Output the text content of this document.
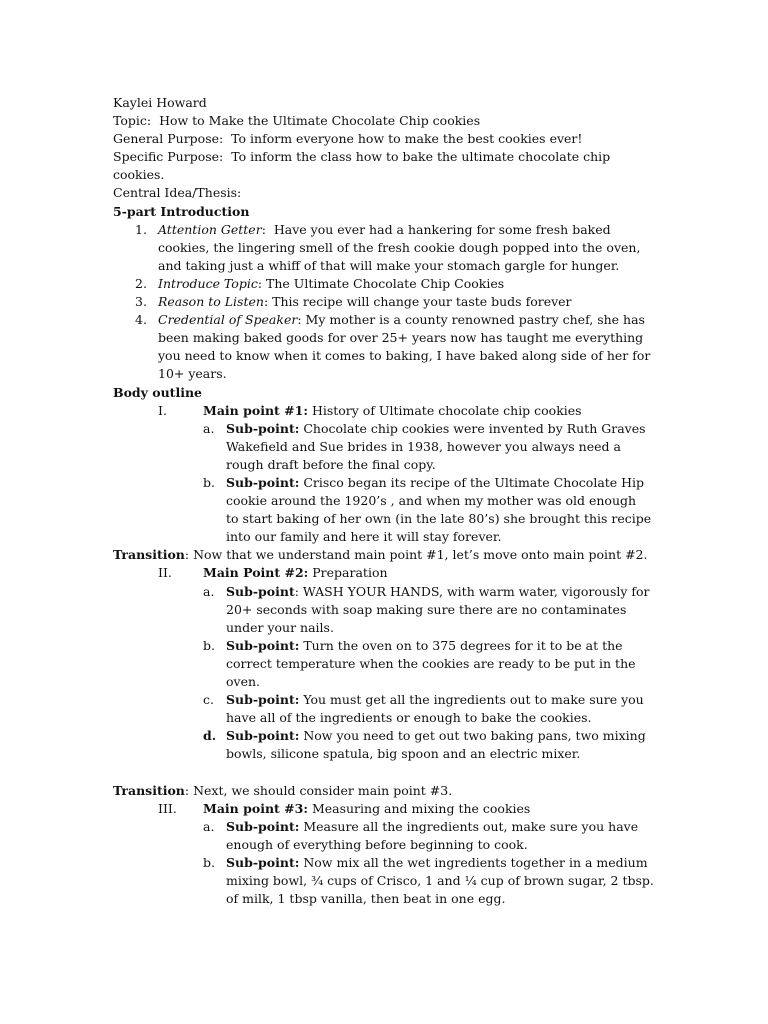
Kaylei Howard
Topic: How to Make the Ultimate Chocolate Chip cookies
General Purpose: To inform everyone how to make the best cookies ever!
Specific Purpose: To inform the class how to bake the ultimate chocolate chip
cookies.
Central Idea/Thesis:
5-part Introduction
1. Attention Getter: Have you ever had a hankering for some fresh baked
cookies, the lingering smell of the fresh cookie dough popped into the oven,
and taking just a whiff of that will make your stomach gargle for hunger.
2. Introduce Topic: The Ultimate Chocolate Chip Cookies
3. Reason to Listen: This recipe will change your taste buds forever
4. Credential of Speaker: My mother is a county renowned pastry chef, she has
been making baked goods for over 25+ years now has taught me everything
you need to know when it comes to baking, I have baked along side of her for
10+ years.
Body outline
I.	Main point #1: History of Ultimate chocolate chip cookies
a. Sub-point: Chocolate chip cookies were invented by Ruth Graves
Wakefield and Sue brides in 1938, however you always need a
rough draft before the final copy.
b. Sub-point: Crisco began its recipe of the Ultimate Chocolate Hip
cookie around the 1920’s , and when my mother was old enough
to start baking of her own (in the late 80’s) she brought this recipe
into our family and here it will stay forever.
Transition: Now that we understand main point #1, let’s move onto main point #2.
II. Main Point #2: Preparation
a. Sub-point: WASH YOUR HANDS, with warm water, vigorously for
20+ seconds with soap making sure there are no contaminates
under your nails.
b. Sub-point: Turn the oven on to 375 degrees for it to be at the
correct temperature when the cookies are ready to be put in the
oven.
c. Sub-point: You must get all the ingredients out to make sure you
have all of the ingredients or enough to bake the cookies.
d. Sub-point: Now you need to get out two baking pans, two mixing
bowls, silicone spatula, big spoon and an electric mixer.
Transition: Next, we should consider main point #3.
III. Main point #3: Measuring and mixing the cookies
a. Sub-point: Measure all the ingredients out, make sure you have
enough of everything before beginning to cook.
b. Sub-point: Now mix all the wet ingredients together in a medium
mixing bowl, ¾ cups of Crisco, 1 and ¼ cup of brown sugar, 2 tbsp.
of milk, 1 tbsp vanilla, then beat in one egg.
